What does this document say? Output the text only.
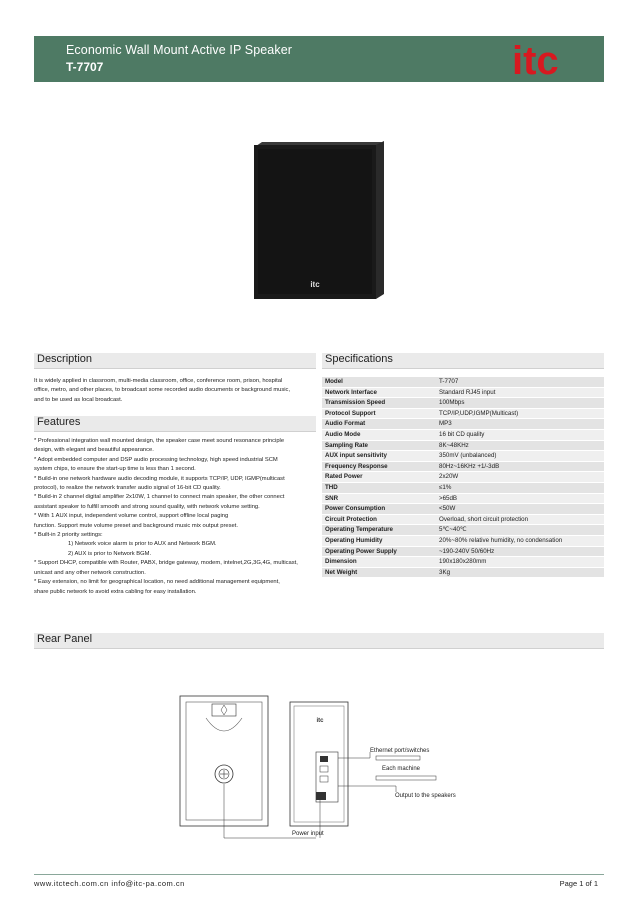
Economic Wall Mount Active IP Speaker
T-7707	itc
itc
Description
It is widely applied in classroom, multi-media classroom, office, conference room, prison, hospital
office, metro, and other places, to broadcast some recorded audio documents or background music,
and to be used as local broadcast.
Features
* Professional integration wall mounted design, the speaker case meet sound resonance principle
design, with elegant and beautiful appearance.
* Adopt embedded computer and DSP audio processing technology, high speed industrial SCM
system chips, to ensure the start-up time is less than 1 second.
* Build-in one network hardware audio decoding module, it supports TCP/IP, UDP, IGMP(multicast
protocol), to realize the network transfer audio signal of 16-bit CD quality.
* Build-in 2 channel digital amplifier 2x10W, 1 channel to connect main speaker, the other connect
assistant speaker to fulfill smooth and strong sound quality, with network volume setting.
* With 1 AUX input, independent volume control, support offline local paging
function. Support mute volume preset and background music mix output preset.
* Built-in 2 priority settings:
1) Network voice alarm is prior to AUX and Network BGM.
2) AUX is prior to Network BGM.
* Support DHCP, compatible with Router, PABX, bridge gateway, modem, intelnet,2G,3G,4G, multicast,
unicast and any other network construction.
* Easy extension, no limit for geographical location, no need additional management equipment,
share public network to avoid extra cabling for easy installation.
Specifications
Model	T-7707
Network Interface	Standard RJ45 input
Transmission Speed	100Mbps
Protocol Support	TCP/IP,UDP,IGMP(Multicast)
Audio Format	MP3
Audio Mode	16 bit CD quality
Sampling Rate	8K~48KHz
AUX input sensitivity	350mV (unbalanced)
Frequency Response	80Hz~16KHz +1/-3dB
Rated Power	2x20W
THD	≤1%
SNR	>65dB
Power Consumption	<50W
Circuit Protection	Overload, short circuit protection
Operating Temperature	5℃~40℃
Operating Humidity	20%~80% relative humidity, no condensation
Operating Power Supply	~190-240V 50/60Hz
Dimension	190x180x280mm
Net Weight	3Kg
Rear Panel
itc
Ethernet port/switches
Each machine
Output to the speakers
Power input
www.itctech.com.cn info@itc-pa.com.cn	Page 1 of 1
